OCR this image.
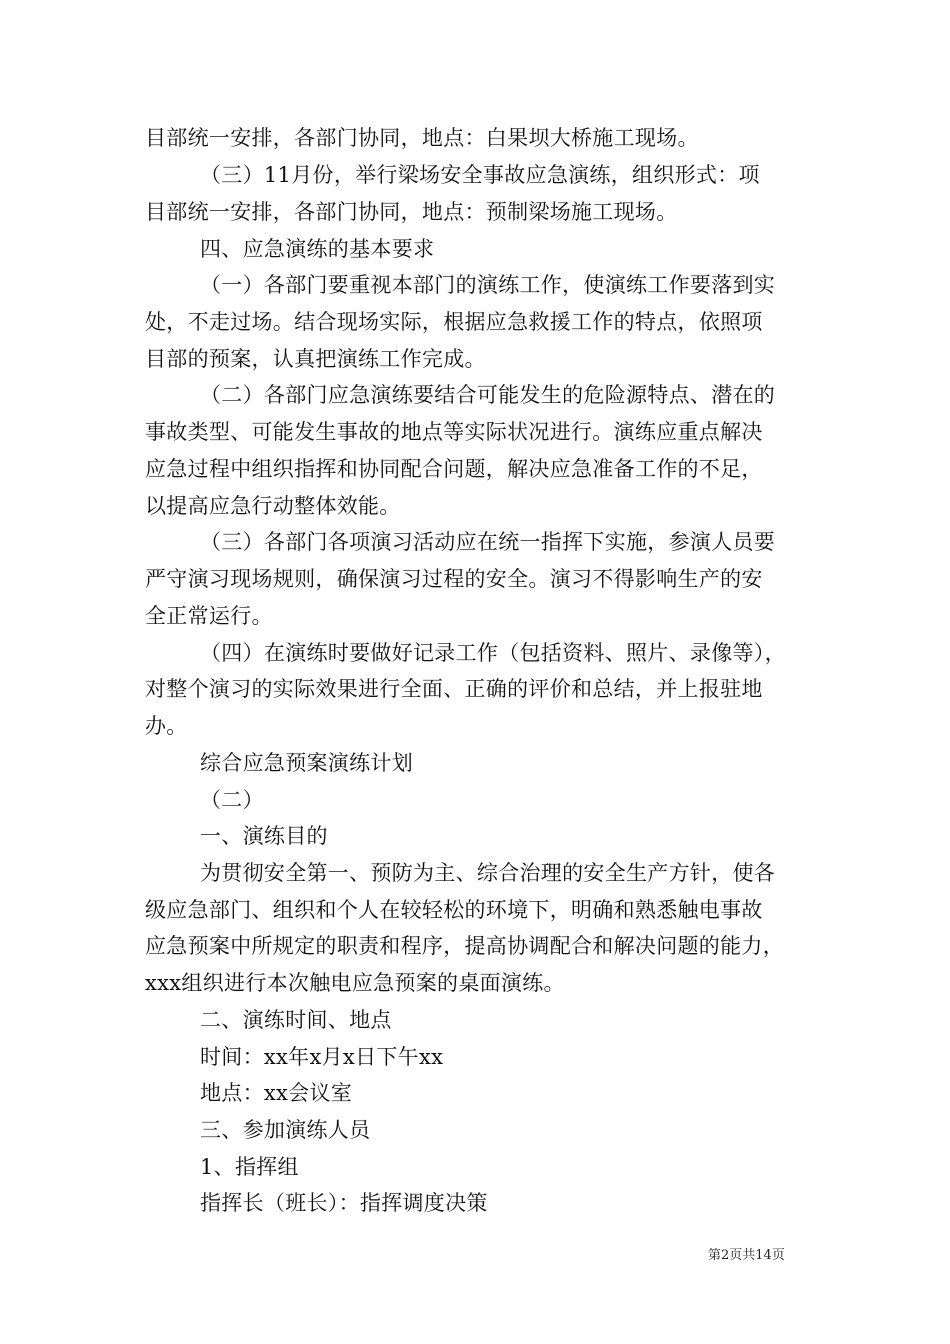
目部统一安排，各部门协同，地点：白果坝大桥施工现场。
（三）11月份，举行梁场安全事故应急演练，组织形式：项
目部统一安排，各部门协同，地点：预制梁场施工现场。
四、应急演练的基本要求
（一）各部门要重视本部门的演练工作，使演练工作要落到实
处，不走过场。结合现场实际，根据应急救援工作的特点，依照项
目部的预案，认真把演练工作完成。
（二）各部门应急演练要结合可能发生的危险源特点、潜在的
事故类型、可能发生事故的地点等实际状况进行。演练应重点解决
应急过程中组织指挥和协同配合问题，解决应急准备工作的不足，
以提高应急行动整体效能。
（三）各部门各项演习活动应在统一指挥下实施，参演人员要
严守演习现场规则，确保演习过程的安全。演习不得影响生产的安
全正常运行。
（四）在演练时要做好记录工作（包括资料、照片、录像等），
对整个演习的实际效果进行全面、正确的评价和总结，并上报驻地
办。
综合应急预案演练计划
（二）
一、演练目的
为贯彻安全第一、预防为主、综合治理的安全生产方针，使各
级应急部门、组织和个人在较轻松的环境下，明确和熟悉触电事故
应急预案中所规定的职责和程序，提高协调配合和解决问题的能力，
xxx组织进行本次触电应急预案的桌面演练。
二、演练时间、地点
时间：xx年x月x日下午xx
地点：xx会议室
三、参加演练人员
1、指挥组
指挥长（班长）：指挥调度决策
第2页共14页
